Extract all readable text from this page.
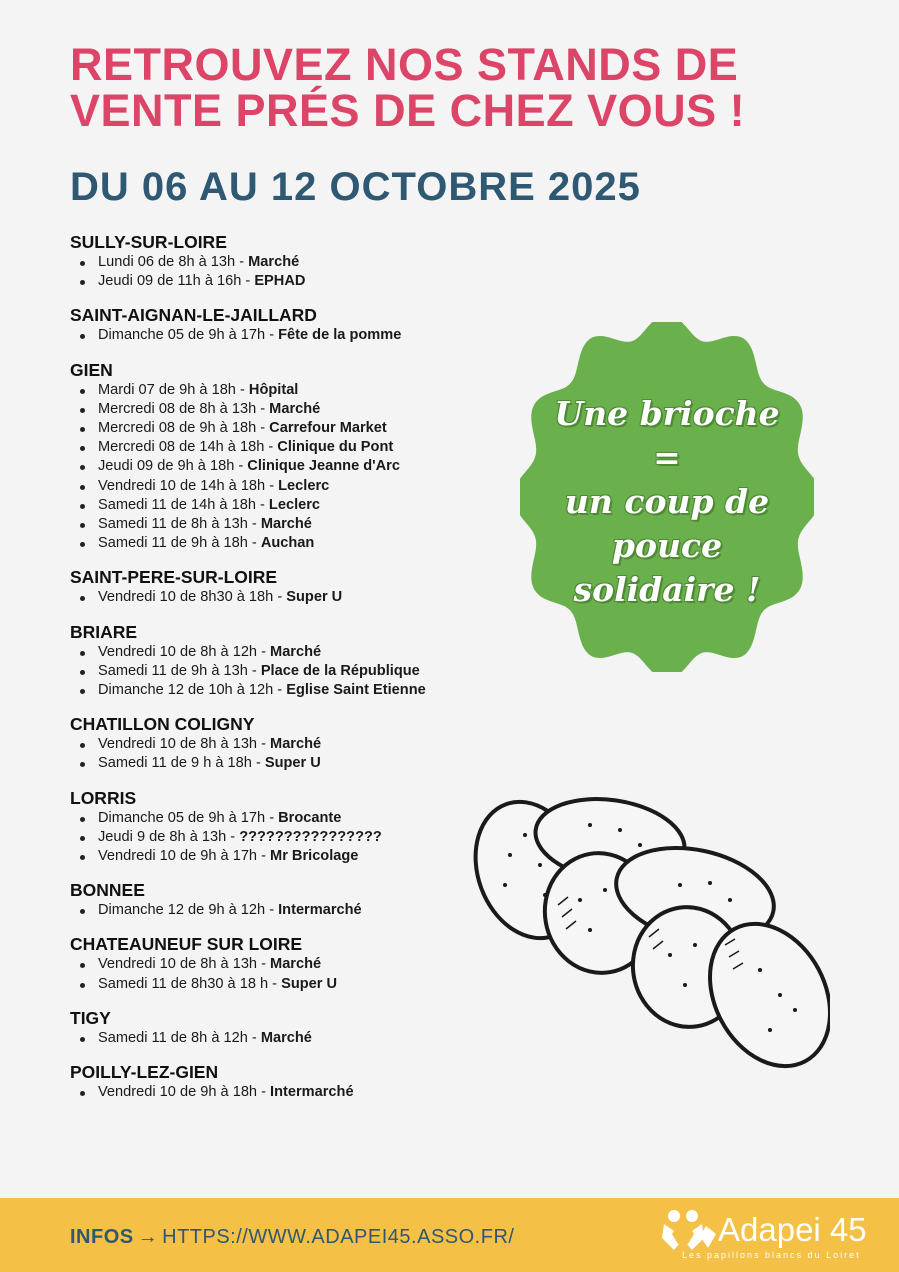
RETROUVEZ NOS STANDS DE
VENTE PRÉS DE CHEZ VOUS !
DU 06 AU 12 OCTOBRE 2025
SULLY-SUR-LOIRE
Lundi 06 de 8h à 13h - Marché
Jeudi 09 de 11h à 16h - EPHAD
SAINT-AIGNAN-LE-JAILLARD
Dimanche 05 de 9h à 17h - Fête de la pomme
GIEN
Mardi 07 de 9h à 18h - Hôpital
Mercredi 08 de 8h à 13h - Marché
Mercredi 08 de 9h à 18h - Carrefour Market
Mercredi 08 de 14h à 18h - Clinique du Pont
Jeudi 09 de 9h à 18h - Clinique Jeanne d'Arc
Vendredi 10 de 14h à 18h - Leclerc
Samedi 11 de 14h à 18h - Leclerc
Samedi 11 de 8h à 13h - Marché
Samedi 11 de 9h à 18h - Auchan
SAINT-PERE-SUR-LOIRE
Vendredi 10 de 8h30 à 18h - Super U
BRIARE
Vendredi 10 de 8h à 12h - Marché
Samedi 11 de 9h à 13h - Place de la République
Dimanche 12 de 10h à 12h - Eglise Saint Etienne
CHATILLON COLIGNY
Vendredi 10 de 8h à 13h - Marché
Samedi 11 de 9 h à 18h - Super U
LORRIS
Dimanche 05 de 9h à 17h - Brocante
Jeudi 9 de 8h à 13h - ????????????????
Vendredi 10 de 9h à 17h - Mr Bricolage
BONNEE
Dimanche 12 de 9h à 12h - Intermarché
CHATEAUNEUF SUR LOIRE
Vendredi 10 de 8h à 13h - Marché
Samedi 11 de 8h30 à 18 h - Super U
TIGY
Samedi 11 de 8h à 12h - Marché
POILLY-LEZ-GIEN
Vendredi 10 de 9h à 18h - Intermarché
Une brioche
=
un coup de
pouce
solidaire !
INFOS → HTTPS://WWW.ADAPEI45.ASSO.FR/	Adapei 45
Les papillons blancs du Loiret
